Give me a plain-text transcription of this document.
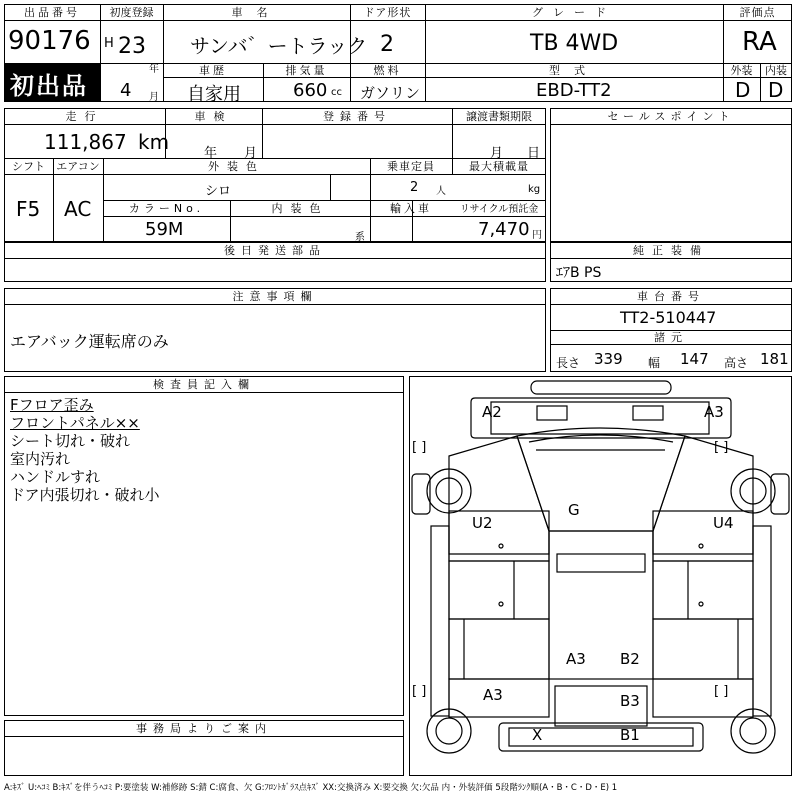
出品番号
90176
初出品
初度登録
H 23
年
4 月
車名
サンバ゛ートラック
ドア形状
2
グレード
TB 4WD
評価点
RA
車歴
自家用
排気量
660 cc
燃料
ガソリン
型式
EBD-TT2
外装
D
内装
D
走行
111,867 km
車検
年 月
登録番号	譲渡書類期限
月 日
シフト
F5
エアコン
AC
外装色
シロ
乗車定員
2 人
最大積載量
kg
カラーNo.
59M
内装色
系
輸入車	リサイクル預託金
7,470 円
後日発送部品
セールスポイント
純正装備
ｴｱB PS
注意事項欄
エアバック運転席のみ
車台番号
TT2-510447
諸元
長さ 339 幅 147 高さ 181
検査員記入欄
Fフロア歪み
フロントパネル××
シート切れ・破れ
室内汚れ
ハンドルすれ
ドア内張切れ・破れ小
事務局よりご案内
[ ]	[ ]
[ ]	[ ]
A2	A3
U2
G
U4
A3 B2
A3	B3
X	B1
A:ｷｽﾞ U:ﾍｺﾐ B:ｷｽﾞを伴うﾍｺﾐ P:要塗装 W:補修跡 S:錆 C:腐食、欠 G:ﾌﾛﾝﾄｶﾞﾗｽ点ｷｽﾞ XX:交換済み X:要交換 欠:欠品 内・外装評価 5段階ﾗﾝｸ順(A・B・C・D・E) 1
